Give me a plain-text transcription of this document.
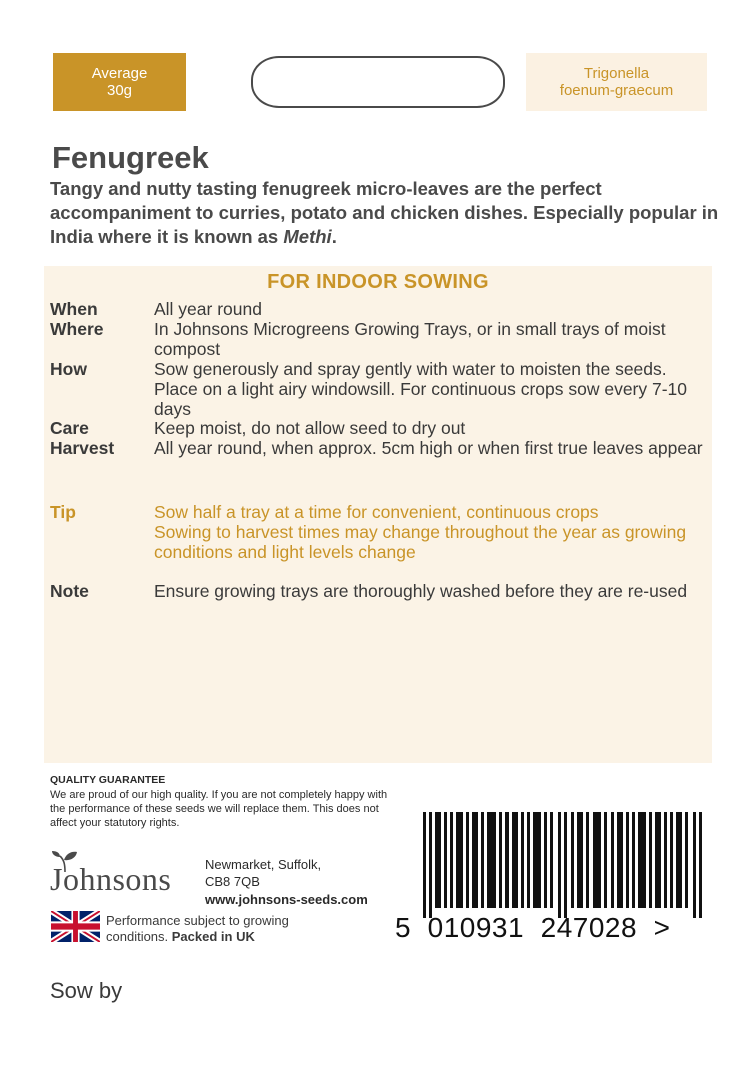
Average
30g
Trigonella
foenum-graecum
Fenugreek

Tangy and nutty tasting fenugreek micro-leaves are the perfect accompaniment to curries, potato and chicken dishes. Especially popular in India where it is known as Methi.

FOR INDOOR SOWING
When	All year round
Where	In Johnsons Microgreens Growing Trays, or in small trays of moist compost
How	Sow generously and spray gently with water to moisten the seeds. Place on a light airy windowsill. For continuous crops sow every 7-10 days
Care	Keep moist, do not allow seed to dry out
Harvest All year round, when approx. 5cm high or when first true leaves appear
Tip	Sow half a tray at a time for convenient, continuous crops
Sowing to harvest times may change throughout the year as growing conditions and light levels change
Note	Ensure growing trays are thoroughly washed before they are re-used
QUALITY GUARANTEE
We are proud of our high quality. If you are not completely happy with the performance of these seeds we will replace them. This does not affect your statutory rights.
Johnsons	Newmarket, Suffolk,
CB8 7QB
www.johnsons-seeds.com
Performance subject to growing conditions. Packed in UK	5  010931  247028  >
Sow by
